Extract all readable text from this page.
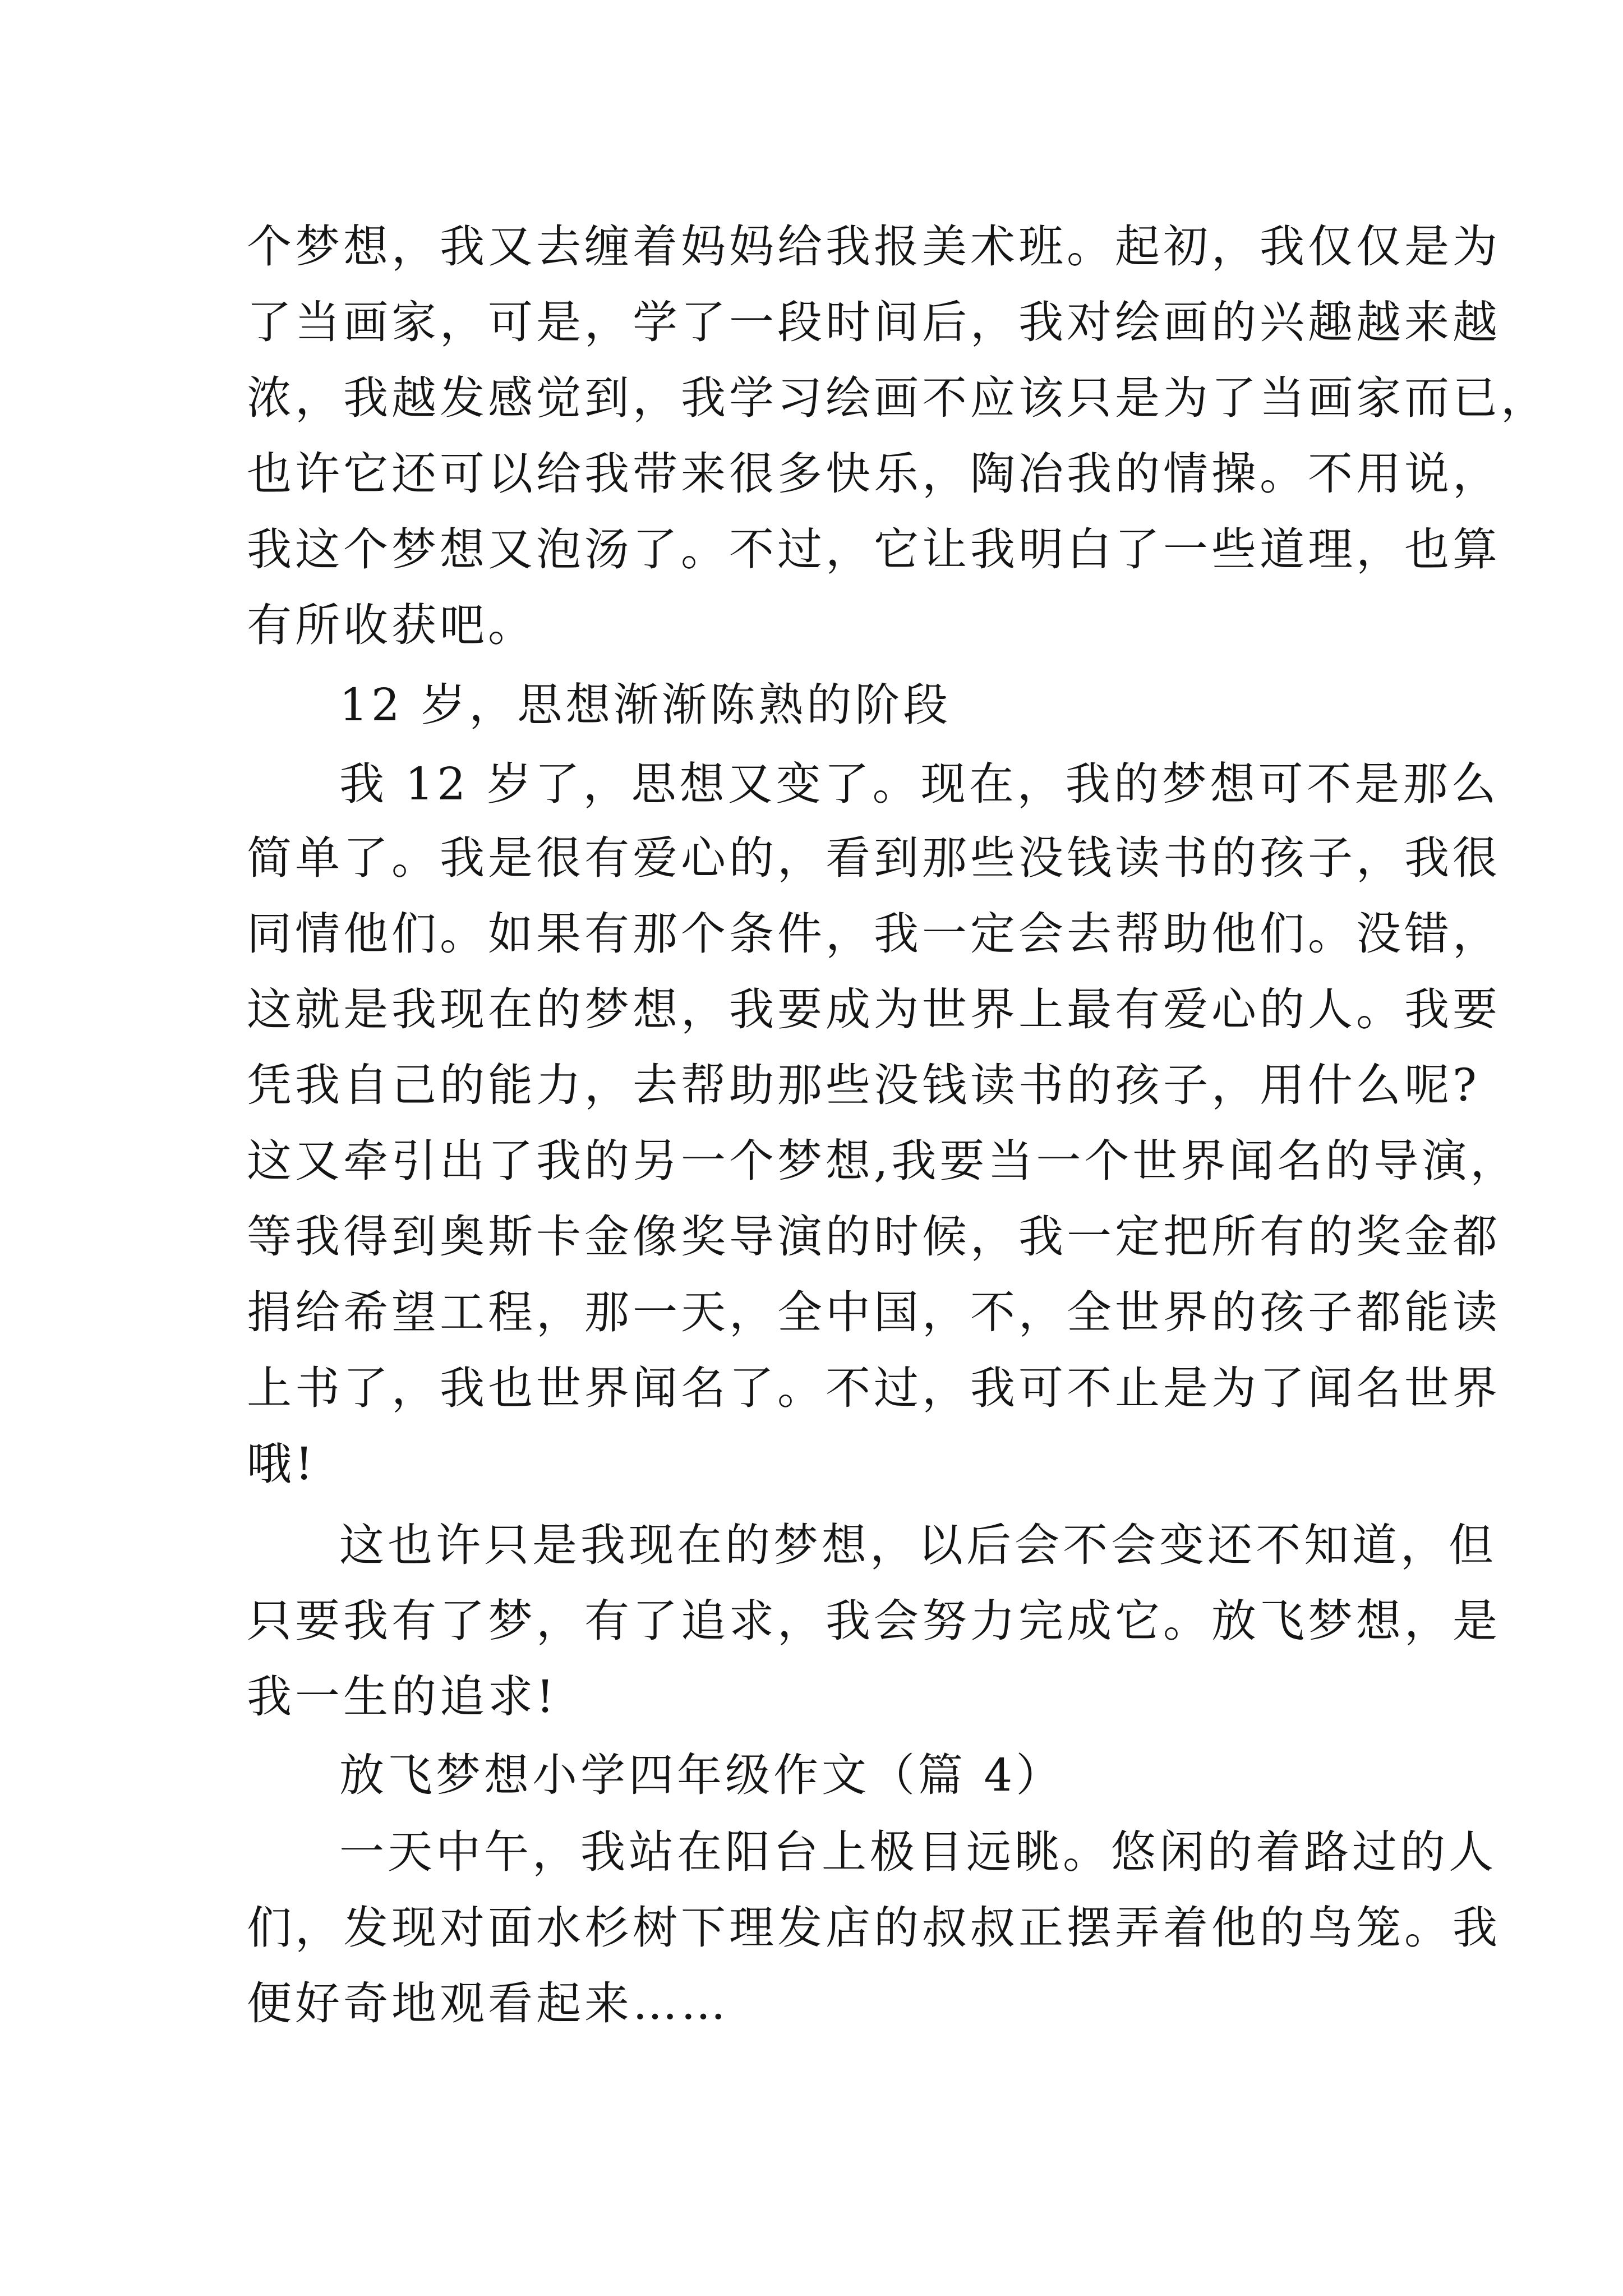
个梦想，我又去缠着妈妈给我报美术班。起初，我仅仅是为
了当画家，可是，学了一段时间后，我对绘画的兴趣越来越
浓，我越发感觉到，我学习绘画不应该只是为了当画家而已，
也许它还可以给我带来很多快乐，陶冶我的情操。不用说，
我这个梦想又泡汤了。不过，它让我明白了一些道理，也算
有所收获吧。
12 岁，思想渐渐陈熟的阶段
我 12 岁了，思想又变了。现在，我的梦想可不是那么
简单了。我是很有爱心的，看到那些没钱读书的孩子，我很
同情他们。如果有那个条件，我一定会去帮助他们。没错，
这就是我现在的梦想，我要成为世界上最有爱心的人。我要
凭我自己的能力，去帮助那些没钱读书的孩子，用什么呢?
这又牵引出了我的另一个梦想,我要当一个世界闻名的导演，
等我得到奥斯卡金像奖导演的时候，我一定把所有的奖金都
捐给希望工程，那一天，全中国，不，全世界的孩子都能读
上书了，我也世界闻名了。不过，我可不止是为了闻名世界
哦!
这也许只是我现在的梦想，以后会不会变还不知道，但
只要我有了梦，有了追求，我会努力完成它。放飞梦想，是
我一生的追求!
放飞梦想小学四年级作文（篇 4）
一天中午，我站在阳台上极目远眺。悠闲的着路过的人
们，发现对面水杉树下理发店的叔叔正摆弄着他的鸟笼。我
便好奇地观看起来……
